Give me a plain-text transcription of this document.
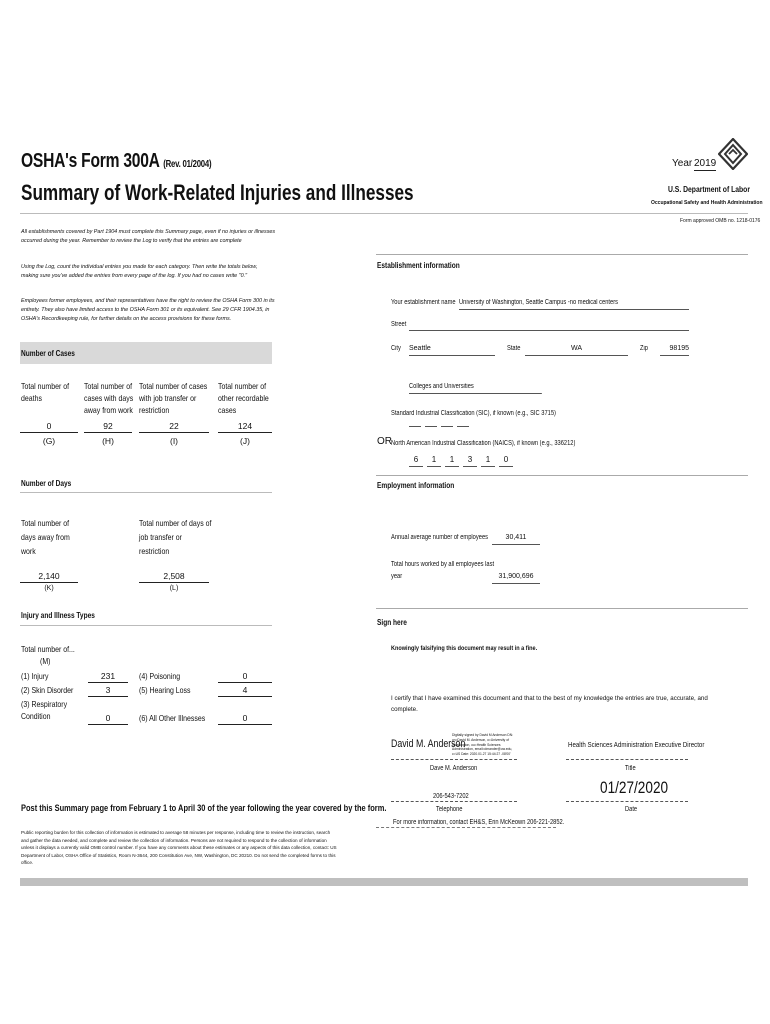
OSHA's Form 300A (Rev. 01/2004)
Summary of Work-Related Injuries and Illnesses
Year 2019
U.S. Department of Labor
Occupational Safety and Health Administration
Form approved OMB no. 1218-0176
All establishments covered by Part 1904 must complete this Summary page, even if no injuries or illnesses occurred during the year. Remember to review the Log to verify that the entries are complete
Using the Log, count the individual entries you made for each category. Then write the totals below, making sure you've added the entries from every page of the log. If you had no cases write "0."
Employees former employees, and their representatives have the right to review the OSHA Form 300 in its entirety. They also have limited access to the OSHA Form 301 or its equivalent. See 29 CFR 1904.35, in OSHA's Recordkeeping rule, for further details on the access provisions for these forms.
Number of Cases
Total number of deaths
0
(G)
Total number of cases with days away from work
92
(H)
Total number of cases with job transfer or restriction
22
(I)
Total number of other recordable cases
124
(J)
Number of Days
Total number of days away from work
2,140
(K)
Total number of days of job transfer or restriction
2,508
(L)
Injury and Illness Types
Total number of...
(M)
(1) Injury	231
(2) Skin Disorder	3
(3) Respiratory
Condition	0
(4) Poisoning	0
(5) Hearing Loss	4
(6) All Other Illnesses	0
Post this Summary page from February 1 to April 30 of the year following the year covered by the form.
Public reporting burden for this collection of information is estimated to average 58 minutes per response, including time to review the instruction, search and gather the data needed, and complete and review the collection of information. Persons are not required to respond to the collection of information unless it displays a currently valid OMB control number. If you have any comments about these estimates or any aspects of this data collection, contact: US Department of Labor, OSHA Office of Statistics, Room N-3644, 200 Constitution Ave, NW, Washington, DC 20210. Do not send the completed forms to this office.
Establishment information
Your establishment name University of Washington, Seattle Campus -no medical centers
Street
City Seattle	State	WA	Zip	98195
Colleges and Universities
Standard Industrial Classification (SIC), if known (e.g., SIC 3715)
OR North American Industrial Classification (NAICS), if known (e.g., 336212)
6	1	1	3	1	0
Employment information
Annual average number of employees	30,411
Total hours worked by all employees last
year	31,900,696
Sign here
Knowingly falsifying this document may result in a fine.
I certify that I have examined this document and that to the best of my knowledge the entries are true, accurate, and complete.
David M. Anderson
Digitally signed by David M Anderson DN: cn=David M. Anderson, o=University of Washington, ou=Health Sciences Administration, email=dmander@uw.edu, c=US Date: 2020.01.27 15:44:27 -08'00'
Dave M. Anderson
Health Sciences Administration Executive Director
Title
206-543-7202
Telephone
01/27/2020
Date
For more information, contact EH&S, Erin McKeown 206-221-2852.
